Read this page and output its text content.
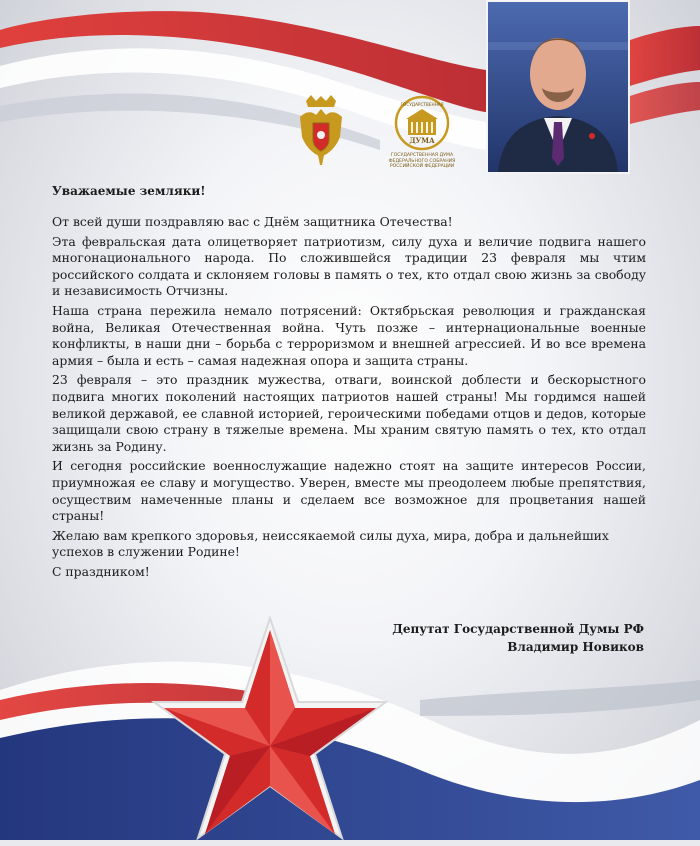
ГОСУДАРСТВЕННАЯ
ДУМА
ГОСУДАРСТВЕННАЯ ДУМА
ФЕДЕРАЛЬНОГО СОБРАНИЯ
РОССИЙСКОЙ ФЕДЕРАЦИИ

Уважаемые земляки!

От всей души поздравляю вас с Днём защитника Отечества!

Эта февральская дата олицетворяет патриотизм, силу духа и величие подвига нашего многонационального народа. По сложившейся традиции 23 февраля мы чтим российского солдата и склоняем головы в память о тех, кто отдал свою жизнь за свободу и независимость Отчизны.

Наша страна пережила немало потрясений: Октябрьская революция и гражданская война, Великая Отечественная война. Чуть позже – интернациональные военные конфликты, в наши дни – борьба с терроризмом и внешней агрессией. И во все времена армия – была и есть – самая надежная опора и защита страны.

23 февраля – это праздник мужества, отваги, воинской доблести и бескорыстного подвига многих поколений настоящих патриотов нашей страны! Мы гордимся нашей великой державой, ее славной историей, героическими победами отцов и дедов, которые защищали свою страну в тяжелые времена. Мы храним святую память о тех, кто отдал жизнь за Родину.

И сегодня российские военнослужащие надежно стоят на защите интересов России, приумножая ее славу и могущество. Уверен, вместе мы преодолеем любые препятствия, осуществим намеченные планы и сделаем все возможное для процветания нашей страны!

Желаю вам крепкого здоровья, неиссякаемой силы духа, мира, добра и дальнейших успехов в служении Родине!

С праздником!

Депутат Государственной Думы РФ
Владимир Новиков
